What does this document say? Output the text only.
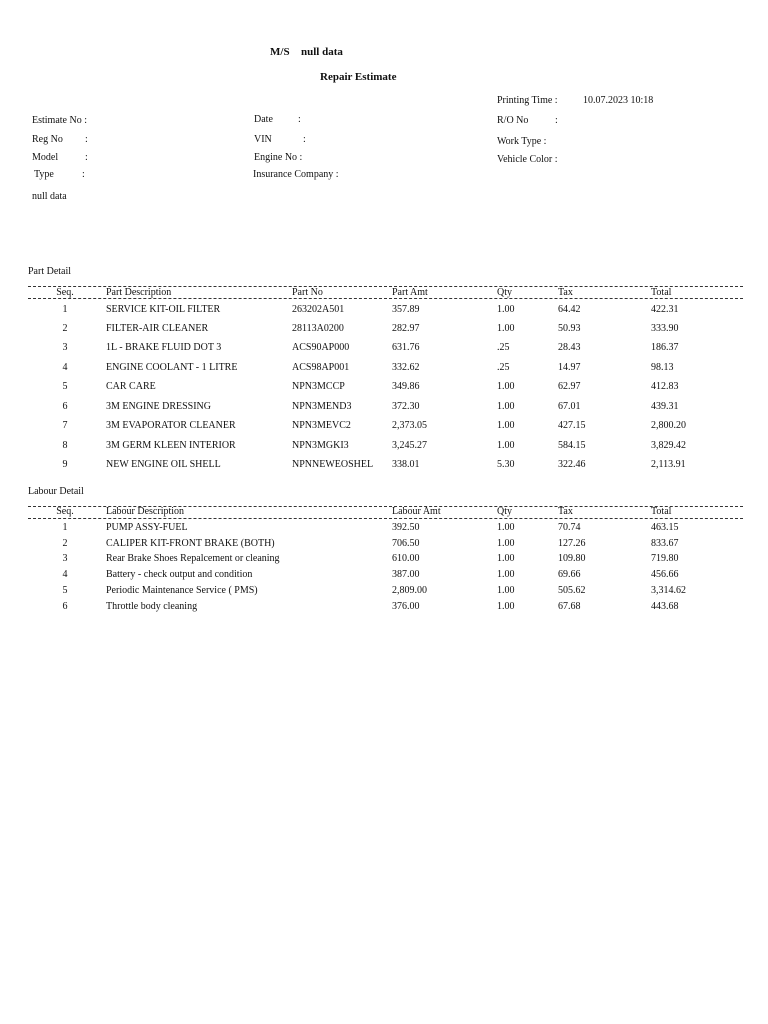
M/S null data
Repair Estimate
Printing Time :	10.07.2023 10:18
Estimate No :	Date	:	R/O No	:
Reg No :	VIN	:	Work Type :
Model	:	Engine No :	Vehicle Color :
Type	:	Insurance Company :
null data
Part Detail
Seq.	Part Description	Part No	Part Amt	Qty	Tax	Total
1	SERVICE KIT-OIL FILTER	263202A501	357.89	1.00	64.42	422.31
2	FILTER-AIR CLEANER	28113A0200	282.97	1.00	50.93	333.90
3	1L - BRAKE FLUID DOT 3	ACS90AP000	631.76	.25	28.43	186.37
4	ENGINE COOLANT - 1 LITRE	ACS98AP001	332.62	.25	14.97	98.13
5	CAR CARE	NPN3MCCP	349.86	1.00	62.97	412.83
6	3M ENGINE DRESSING	NPN3MEND3	372.30	1.00	67.01	439.31
7	3M EVAPORATOR CLEANER	NPN3MEVC2	2,373.05	1.00	427.15	2,800.20
8	3M GERM KLEEN INTERIOR	NPN3MGKI3	3,245.27	1.00	584.15	3,829.42
9	NEW ENGINE OIL SHELL	NPNNEWEOSHEL 338.01	5.30	322.46	2,113.91
Labour Detail
Seq.	Labour Description	Labour Amt	Qty	Tax	Total
1	PUMP ASSY-FUEL	392.50	1.00	70.74	463.15
2	CALIPER KIT-FRONT BRAKE (BOTH)	706.50	1.00	127.26	833.67
3	Rear Brake Shoes Repalcement or cleaning	610.00	1.00	109.80	719.80
4	Battery - check output and condition	387.00	1.00	69.66	456.66
5	Periodic Maintenance Service ( PMS)	2,809.00	1.00	505.62	3,314.62
6	Throttle body cleaning	376.00	1.00	67.68	443.68
